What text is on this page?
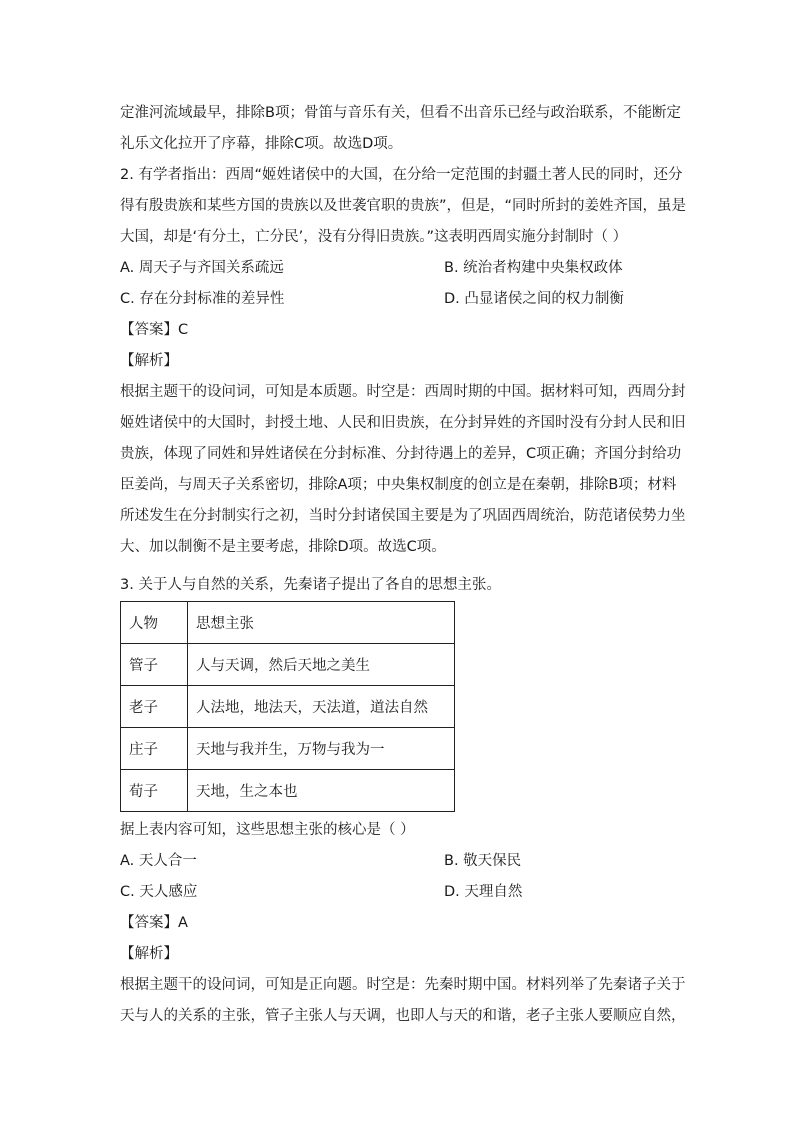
定淮河流域最早，排除B项；骨笛与音乐有关，但看不出音乐已经与政治联系，不能断定
礼乐文化拉开了序幕，排除C项。故选D项。
2. 有学者指出：西周“姬姓诸侯中的大国，在分给一定范围的封疆土著人民的同时，还分
得有殷贵族和某些方国的贵族以及世袭官职的贵族”，但是，“同时所封的姜姓齐国，虽是
大国，却是‘有分土，亡分民’，没有分得旧贵族。”这表明西周实施分封制时（ ）
A. 周天子与齐国关系疏远	B. 统治者构建中央集权政体
C. 存在分封标准的差异性	D. 凸显诸侯之间的权力制衡
【答案】C
【解析】
根据主题干的设问词，可知是本质题。时空是：西周时期的中国。据材料可知，西周分封
姬姓诸侯中的大国时，封授土地、人民和旧贵族，在分封异姓的齐国时没有分封人民和旧
贵族，体现了同姓和异姓诸侯在分封标准、分封待遇上的差异，C项正确；齐国分封给功
臣姜尚，与周天子关系密切，排除A项；中央集权制度的创立是在秦朝，排除B项；材料
所述发生在分封制实行之初，当时分封诸侯国主要是为了巩固西周统治，防范诸侯势力坐
大、加以制衡不是主要考虑，排除D项。故选C项。
3. 关于人与自然的关系，先秦诸子提出了各自的思想主张。
人物	思想主张
管子	人与天调，然后天地之美生
老子	人法地，地法天，天法道，道法自然
庄子	天地与我并生，万物与我为一
荀子	天地，生之本也
据上表内容可知，这些思想主张的核心是（ ）
A. 天人合一	B. 敬天保民
C. 天人感应	D. 天理自然
【答案】A
【解析】
根据主题干的设问词，可知是正向题。时空是：先秦时期中国。材料列举了先秦诸子关于
天与人的关系的主张，管子主张人与天调，也即人与天的和谐，老子主张人要顺应自然，
